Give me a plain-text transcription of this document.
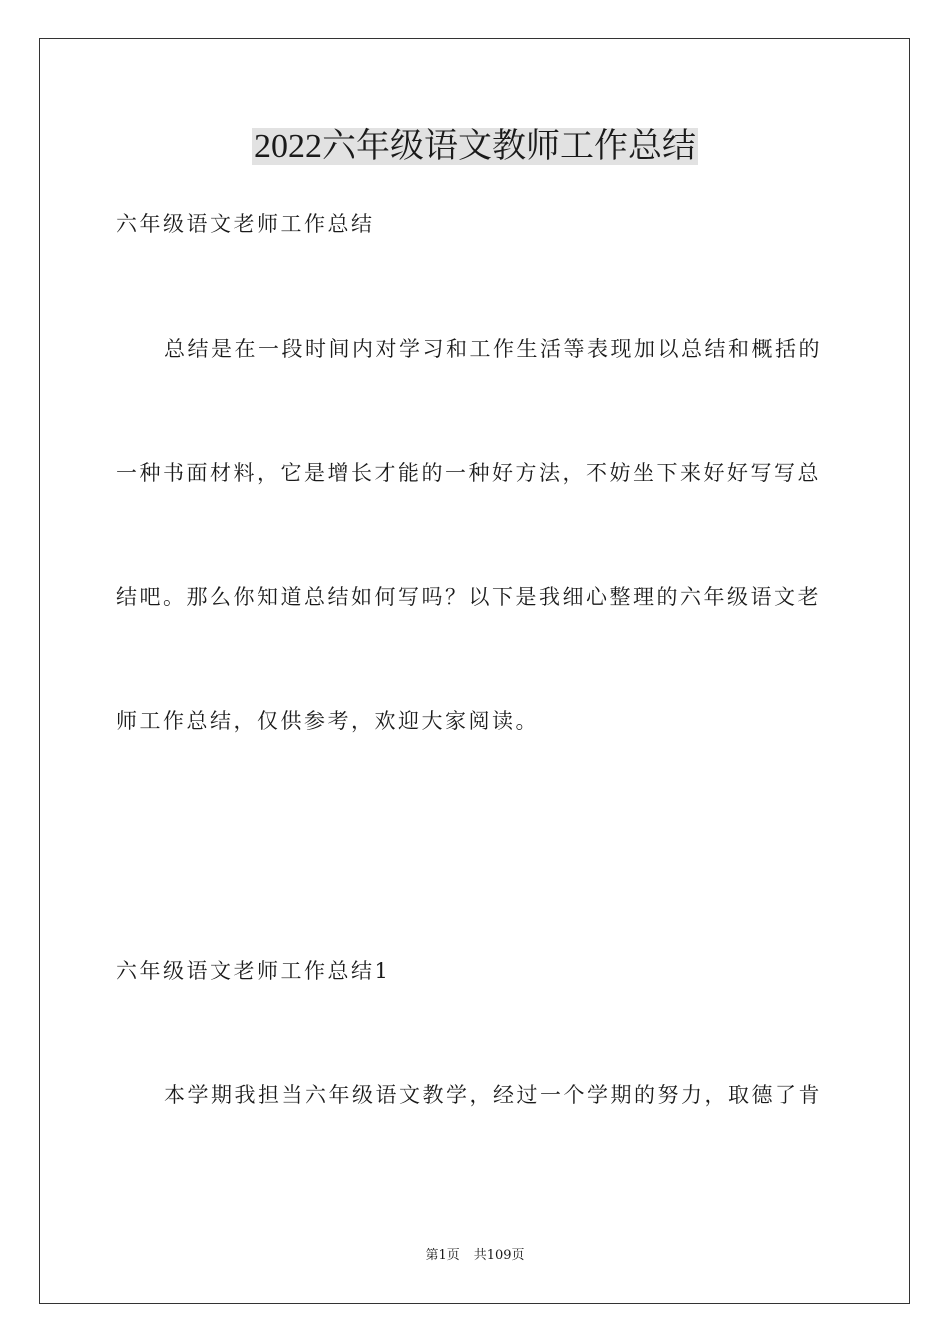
2022六年级语文教师工作总结

六年级语文老师工作总结

总结是在一段时间内对学习和工作生活等表现加以总结和概括的

一种书面材料，它是增长才能的一种好方法，不妨坐下来好好写写总

结吧。那么你知道总结如何写吗？以下是我细心整理的六年级语文老

师工作总结，仅供参考，欢迎大家阅读。

六年级语文老师工作总结1

本学期我担当六年级语文教学，经过一个学期的努力，取德了肯

第1页 共109页
